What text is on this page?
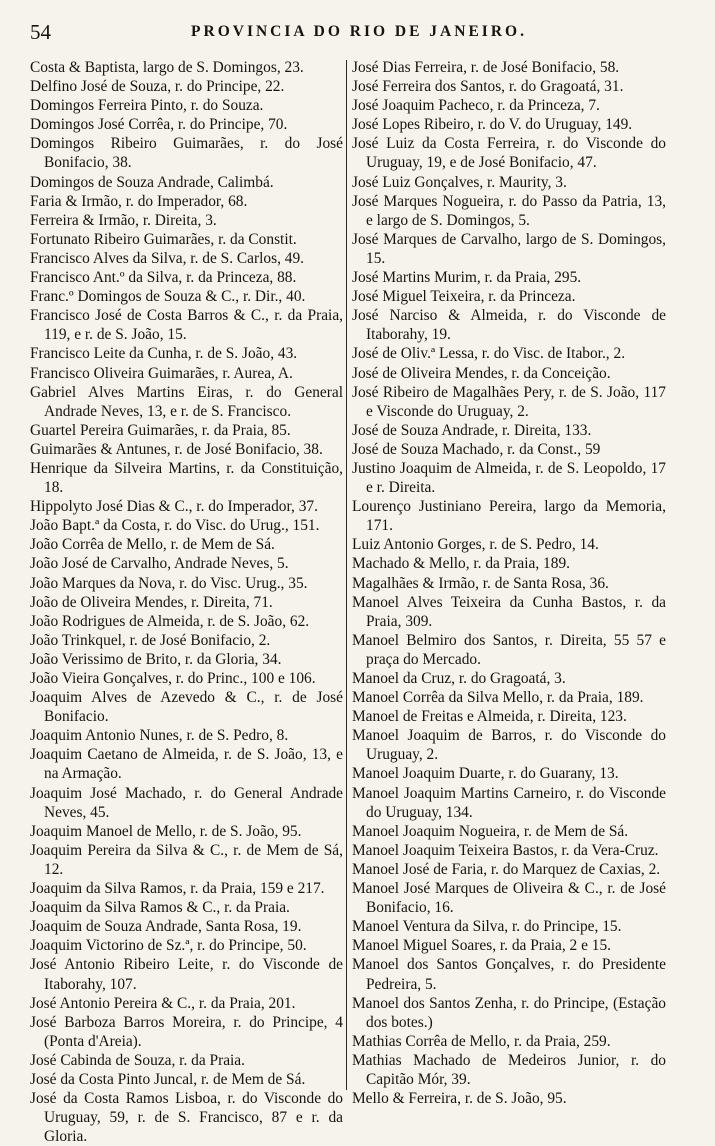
54	PROVINCIA DO RIO DE JANEIRO.

Costa & Baptista, largo de S. Domingos, 23.

Delfino José de Souza, r. do Principe, 22.

Domingos Ferreira Pinto, r. do Souza.

Domingos José Corrêa, r. do Principe, 70.

Domingos Ribeiro Guimarães, r. do José Bonifacio, 38.

Domingos de Souza Andrade, Calimbá.

Faria & Irmão, r. do Imperador, 68.

Ferreira & Irmão, r. Direita, 3.

Fortunato Ribeiro Guimarães, r. da Constit.

Francisco Alves da Silva, r. de S. Carlos, 49.

Francisco Ant.º da Silva, r. da Princeza, 88.

Franc.º Domingos de Souza & C., r. Dir., 40.

Francisco José de Costa Barros & C., r. da Praia, 119, e r. de S. João, 15.

Francisco Leite da Cunha, r. de S. João, 43.

Francisco Oliveira Guimarães, r. Aurea, A.

Gabriel Alves Martins Eiras, r. do General Andrade Neves, 13, e r. de S. Francisco.

Guartel Pereira Guimarães, r. da Praia, 85.

Guimarães & Antunes, r. de José Bonifacio, 38.

Henrique da Silveira Martins, r. da Constituição, 18.

Hippolyto José Dias & C., r. do Imperador, 37.

João Bapt.ª da Costa, r. do Visc. do Urug., 151.

João Corrêa de Mello, r. de Mem de Sá.

João José de Carvalho, Andrade Neves, 5.

João Marques da Nova, r. do Visc. Urug., 35.

João de Oliveira Mendes, r. Direita, 71.

João Rodrigues de Almeida, r. de S. João, 62.

João Trinkquel, r. de José Bonifacio, 2.

João Verissimo de Brito, r. da Gloria, 34.

João Vieira Gonçalves, r. do Princ., 100 e 106.

Joaquim Alves de Azevedo & C., r. de José Bonifacio.

Joaquim Antonio Nunes, r. de S. Pedro, 8.

Joaquim Caetano de Almeida, r. de S. João, 13, e na Armação.

Joaquim José Machado, r. do General Andrade Neves, 45.

Joaquim Manoel de Mello, r. de S. João, 95.

Joaquim Pereira da Silva & C., r. de Mem de Sá, 12.

Joaquim da Silva Ramos, r. da Praia, 159 e 217.

Joaquim da Silva Ramos & C., r. da Praia.

Joaquim de Souza Andrade, Santa Rosa, 19.

Joaquim Victorino de Sz.ª, r. do Principe, 50.

José Antonio Ribeiro Leite, r. do Visconde de Itaborahy, 107.

José Antonio Pereira & C., r. da Praia, 201.

José Barboza Barros Moreira, r. do Principe, 4 (Ponta d'Areia).

José Cabinda de Souza, r. da Praia.

José da Costa Pinto Juncal, r. de Mem de Sá.

José da Costa Ramos Lisboa, r. do Visconde do Uruguay, 59, r. de S. Francisco, 87 e r. da Gloria.

José Dias Ferreira, r. de José Bonifacio, 58.

José Ferreira dos Santos, r. do Gragoatá, 31.

José Joaquim Pacheco, r. da Princeza, 7.

José Lopes Ribeiro, r. do V. do Uruguay, 149.

José Luiz da Costa Ferreira, r. do Visconde do Uruguay, 19, e de José Bonifacio, 47.

José Luiz Gonçalves, r. Maurity, 3.

José Marques Nogueira, r. do Passo da Patria, 13, e largo de S. Domingos, 5.

José Marques de Carvalho, largo de S. Domingos, 15.

José Martins Murim, r. da Praia, 295.

José Miguel Teixeira, r. da Princeza.

José Narciso & Almeida, r. do Visconde de Itaborahy, 19.

José de Oliv.ª Lessa, r. do Visc. de Itabor., 2.

José de Oliveira Mendes, r. da Conceição.

José Ribeiro de Magalhães Pery, r. de S. João, 117 e Visconde do Uruguay, 2.

José de Souza Andrade, r. Direita, 133.

José de Souza Machado, r. da Const., 59

Justino Joaquim de Almeida, r. de S. Leopoldo, 17 e r. Direita.

Lourenço Justiniano Pereira, largo da Memoria, 171.

Luiz Antonio Gorges, r. de S. Pedro, 14.

Machado & Mello, r. da Praia, 189.

Magalhães & Irmão, r. de Santa Rosa, 36.

Manoel Alves Teixeira da Cunha Bastos, r. da Praia, 309.

Manoel Belmiro dos Santos, r. Direita, 55 57 e praça do Mercado.

Manoel da Cruz, r. do Gragoatá, 3.

Manoel Corrêa da Silva Mello, r. da Praia, 189.

Manoel de Freitas e Almeida, r. Direita, 123.

Manoel Joaquim de Barros, r. do Visconde do Uruguay, 2.

Manoel Joaquim Duarte, r. do Guarany, 13.

Manoel Joaquim Martins Carneiro, r. do Visconde do Uruguay, 134.

Manoel Joaquim Nogueira, r. de Mem de Sá.

Manoel Joaquim Teixeira Bastos, r. da Vera-Cruz.

Manoel José de Faria, r. do Marquez de Caxias, 2.

Manoel José Marques de Oliveira & C., r. de José Bonifacio, 16.

Manoel Ventura da Silva, r. do Principe, 15.

Manoel Miguel Soares, r. da Praia, 2 e 15.

Manoel dos Santos Gonçalves, r. do Presidente Pedreira, 5.

Manoel dos Santos Zenha, r. do Principe, (Estação dos botes.)

Mathias Corrêa de Mello, r. da Praia, 259.

Mathias Machado de Medeiros Junior, r. do Capitão Mór, 39.

Mello & Ferreira, r. de S. João, 95.
